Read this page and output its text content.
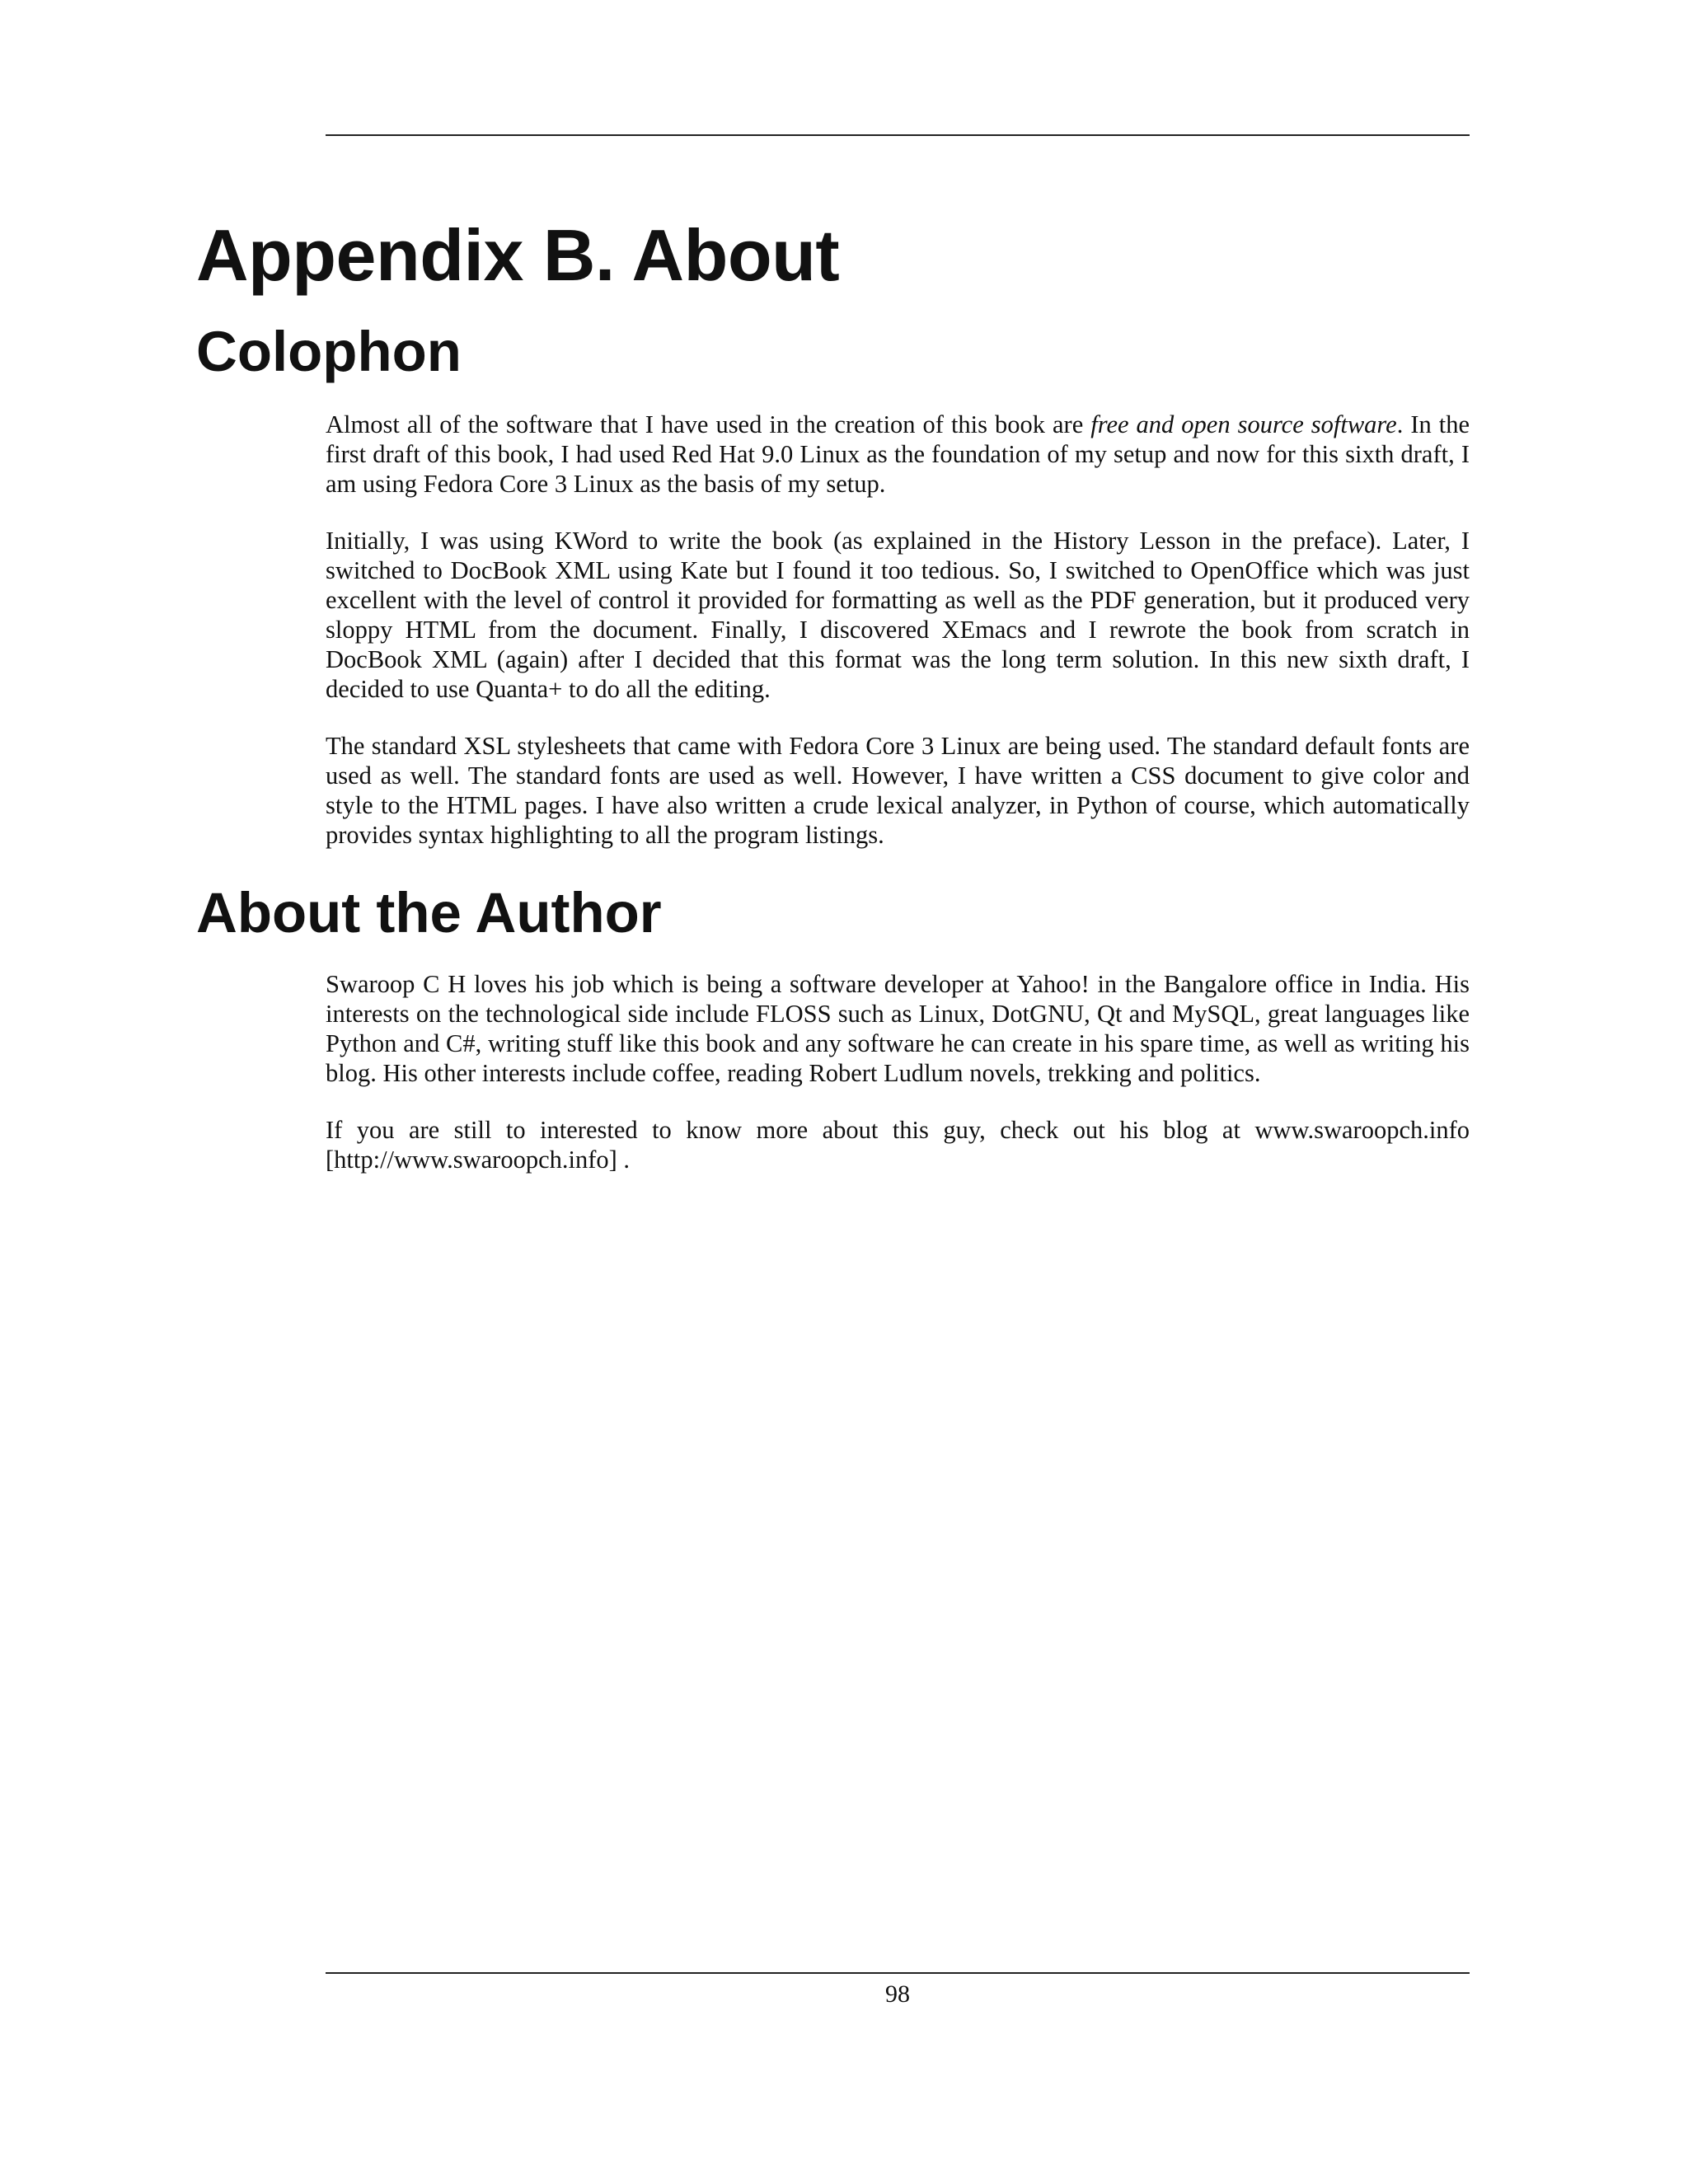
Appendix B. About
Colophon

Almost all of the software that I have used in the creation of this book are free and open source software. In the first draft of this book, I had used Red Hat 9.0 Linux as the foundation of my setup and now for this sixth draft, I am using Fedora Core 3 Linux as the basis of my setup.

Initially, I was using KWord to write the book (as explained in the History Lesson in the preface). Later, I switched to DocBook XML using Kate but I found it too tedious. So, I switched to OpenOffice which was just excellent with the level of control it provided for formatting as well as the PDF generation, but it produced very sloppy HTML from the document. Finally, I discovered XEmacs and I rewrote the book from scratch in DocBook XML (again) after I decided that this format was the long term solution. In this new sixth draft, I decided to use Quanta+ to do all the editing.

The standard XSL stylesheets that came with Fedora Core 3 Linux are being used. The standard default fonts are used as well. The standard fonts are used as well. However, I have written a CSS document to give color and style to the HTML pages. I have also written a crude lexical analyzer, in Python of course, which automatically provides syntax highlighting to all the program listings.

About the Author

Swaroop C H loves his job which is being a software developer at Yahoo! in the Bangalore office in India. His interests on the technological side include FLOSS such as Linux, DotGNU, Qt and MySQL, great languages like Python and C#, writing stuff like this book and any software he can create in his spare time, as well as writing his blog. His other interests include coffee, reading Robert Ludlum novels, trekking and politics.

If you are still to interested to know more about this guy, check out his blog at www.swaroopch.info [http://www.swaroopch.info] .

98
